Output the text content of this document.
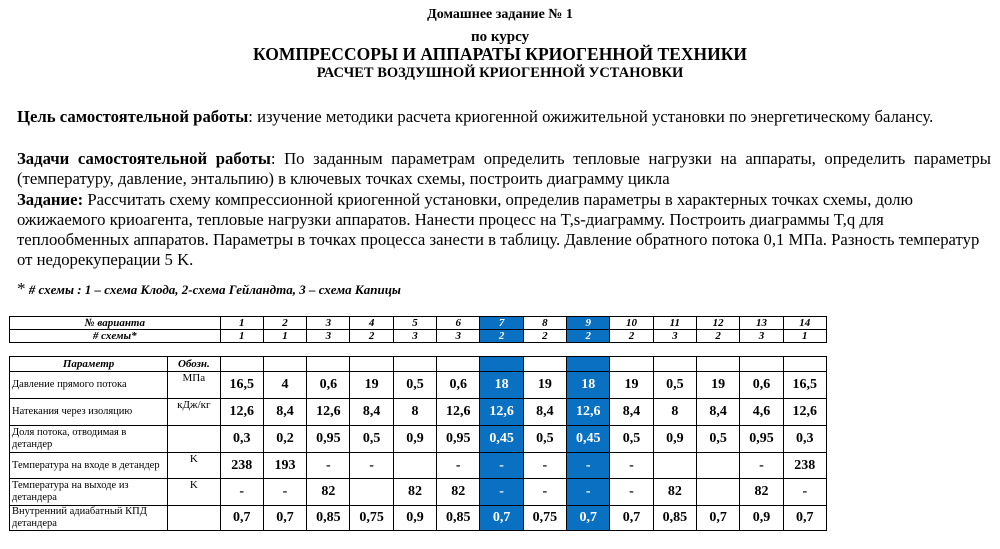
Домашнее задание № 1
по курсу
КОМПРЕССОРЫ И АППАРАТЫ КРИОГЕННОЙ ТЕХНИКИ
РАСЧЕТ ВОЗДУШНОЙ КРИОГЕННОЙ УСТАНОВКИ
Цель самостоятельной работы: изучение методики расчета криогенной ожижительной установки по энергетическому балансу.
Задачи самостоятельной работы: По заданным параметрам определить тепловые нагрузки на аппараты, определить параметры (температуру, давление, энтальпию) в ключевых точках схемы, построить диаграмму цикла
Задание: Рассчитать схему компрессионной криогенной установки, определив параметры в характерных точках схемы, долю ожижаемого криоагента, тепловые нагрузки аппаратов. Нанести процесс на T,s-диаграмму. Построить диаграммы T,q для теплообменных аппаратов. Параметры в точках процесса занести в таблицу. Давление обратного потока 0,1 МПа. Разность температур от недорекуперации 5 K.
* # схемы : 1 – схема Клода, 2-схема Гейландта, 3 – схема Капицы
№ варианта	1	2	3	4	5	6	7	8	9	10	11	12	13	14
# схемы*	1	1	3	2	3	3	2	2	2	2	3	2	3	1
Параметр	Обозн.														
Давление прямого потока	МПа	16,5	4	0,6	19	0,5	0,6	18	19	18	19	0,5	19	0,6	16,5
Натекания через изоляцию	кДж/кг	12,6	8,4	12,6	8,4	8	12,6	12,6	8,4	12,6	8,4	8	8,4	4,6	12,6
Доля потока, отводимая в детандер		0,3	0,2	0,95	0,5	0,9	0,95	0,45	0,5	0,45	0,5	0,9	0,5	0,95	0,3
Температура на входе в детандер	K	238	193	-	-		-	-	-	-	-			-	238
Температура на выходе из детандера	K	-	-	82		82	82	-	-	-	-	82		82	-
Внутренний адиабатный КПД детандера		0,7	0,7	0,85	0,75	0,9	0,85	0,7	0,75	0,7	0,7	0,85	0,7	0,9	0,7
